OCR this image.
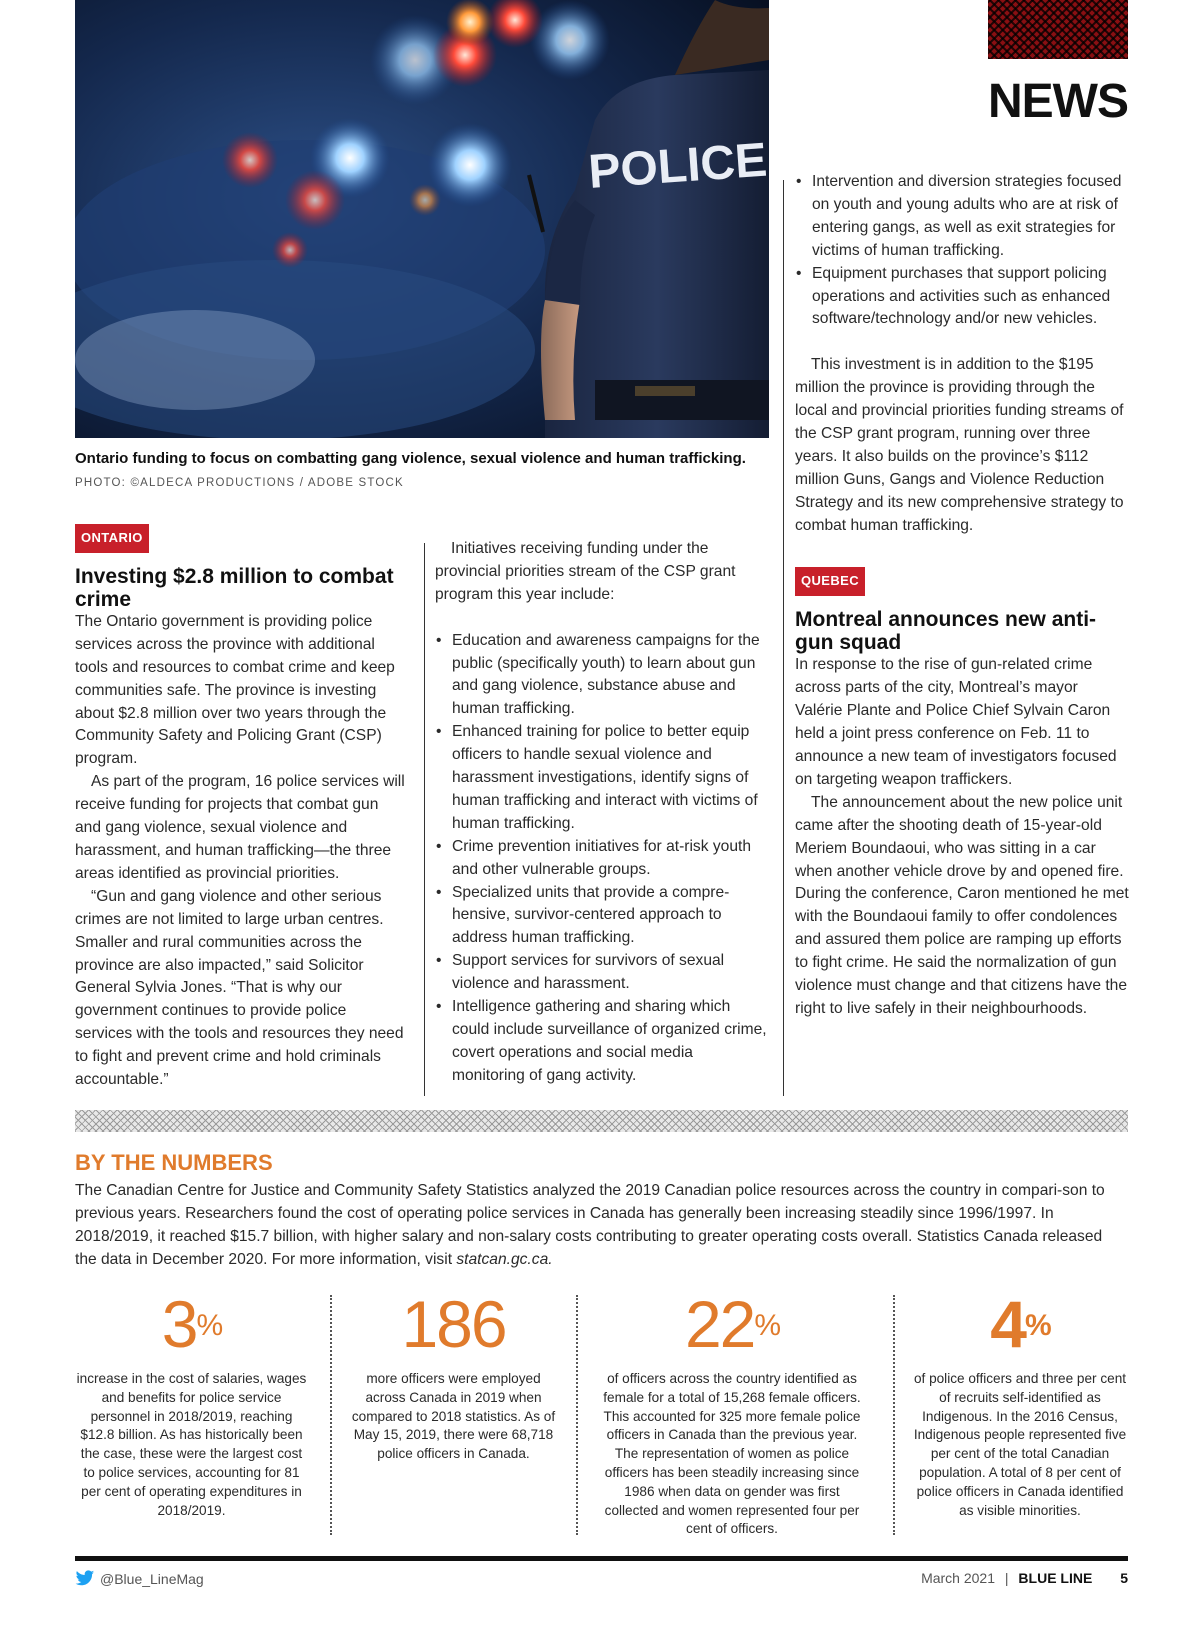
POLICE
Ontario funding to focus on combatting gang violence, sexual violence and human trafficking. PHOTO: ©ALDECA PRODUCTIONS / ADOBE STOCK
NEWS
ONTARIO
Investing $2.8 million to combat crime

The Ontario government is providing police services across the province with additional tools and resources to combat crime and keep communities safe. The province is investing about $2.8 million over two years through the Community Safety and Policing Grant (CSP) program.

As part of the program, 16 police services will receive funding for projects that combat gun and gang violence, sexual violence and harassment, and human trafficking—the three areas identified as provincial priorities.

“Gun and gang violence and other serious crimes are not limited to large urban centres. Smaller and rural communities across the province are also impacted,” said Solicitor General Sylvia Jones. “That is why our government continues to provide police services with the tools and resources they need to fight and prevent crime and hold criminals accountable.”

Initiatives receiving funding under the provincial priorities stream of the CSP grant program this year include:

• Education and awareness campaigns for the public (specifically youth) to learn about gun and gang violence, substance abuse and human trafficking.
• Enhanced training for police to better equip officers to handle sexual violence and harassment investigations, identify signs of human trafficking and interact with victims of human trafficking.
• Crime prevention initiatives for at-risk youth and other vulnerable groups.
• Specialized units that provide a compre-hensive, survivor-centered approach to address human trafficking.
• Support services for survivors of sexual violence and harassment.
• Intelligence gathering and sharing which could include surveillance of organized crime, covert operations and social media monitoring of gang activity.
• Intervention and diversion strategies focused on youth and young adults who are at risk of entering gangs, as well as exit strategies for victims of human trafficking.
• Equipment purchases that support policing operations and activities such as enhanced software/technology and/or new vehicles.

This investment is in addition to the $195 million the province is providing through the local and provincial priorities funding streams of the CSP grant program, running over three years. It also builds on the province’s $112 million Guns, Gangs and Violence Reduction Strategy and its new comprehensive strategy to combat human trafficking.

QUEBEC
Montreal announces new anti-gun squad

In response to the rise of gun-related crime across parts of the city, Montreal’s mayor Valérie Plante and Police Chief Sylvain Caron held a joint press conference on Feb. 11 to announce a new team of investigators focused on targeting weapon traffickers.

The announcement about the new police unit came after the shooting death of 15-year-old Meriem Boundaoui, who was sitting in a car when another vehicle drove by and opened fire. During the conference, Caron mentioned he met with the Boundaoui family to offer condolences and assured them police are ramping up efforts to fight crime. He said the normalization of gun violence must change and that citizens have the right to live safely in their neighbourhoods.

BY THE NUMBERS
The Canadian Centre for Justice and Community Safety Statistics analyzed the 2019 Canadian police resources across the country in compari-son to previous years. Researchers found the cost of operating police services in Canada has generally been increasing steadily since 1996/1997. In 2018/2019, it reached $15.7 billion, with higher salary and non-salary costs contributing to greater operating costs overall. Statistics Canada released the data in December 2020. For more information, visit statcan.gc.ca.
3%
increase in the cost of salaries, wages and benefits for police service personnel in 2018/2019, reaching $12.8 billion. As has historically been the case, these were the largest cost to police services, accounting for 81 per cent of operating expenditures in 2018/2019.
186
more officers were employed across Canada in 2019 when compared to 2018 statistics. As of May 15, 2019, there were 68,718 police officers in Canada.
22%
of officers across the country identified as female for a total of 15,268 female officers. This accounted for 325 more female police officers in Canada than the previous year. The representation of women as police officers has been steadily increasing since 1986 when data on gender was first collected and women represented four per cent of officers.
4%
of police officers and three per cent of recruits self-identified as Indigenous. In the 2016 Census, Indigenous people represented five per cent of the total Canadian population. A total of 8 per cent of police officers in Canada identified as visible minorities.
@Blue_LineMag	March 2021 | BLUE LINE 5
